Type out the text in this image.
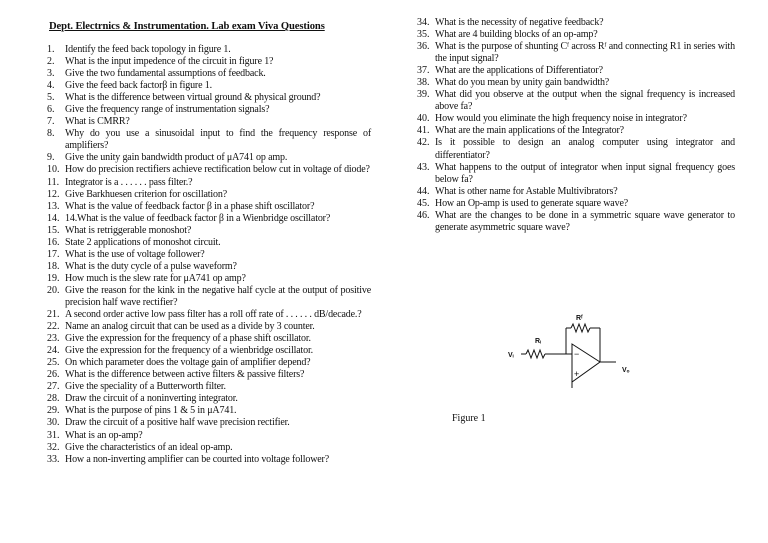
Dept. Electrnics & Instrumentation. Lab exam Viva Questions
1.	Identify the feed back topology in figure 1.
2.	What is the input impedence of the circuit in figure 1?
3.	Give the two fundamental assumptions of feedback.
4.	Give the feed back factorβ in figure 1.
5.	What is the difference between virtual ground & physical ground?
6.	Give the frequency range of instrumentation signals?
7.	What is CMRR?
8.	Why do you use a sinusoidal input to find the frequency response of amplifiers?
9.	Give the unity gain bandwidth product of μA741 op amp.
10. How do precision rectifiers achieve rectification below cut in voltage of diode?
11. Integrator is a . . . . . . pass filter.?
12. Give Barkhuesen criterion for oscillation?
13. What is the value of feedback factor β in a phase shift oscillator?
14. 14.What is the value of feedback factor β in a Wienbridge oscillator?
15. What is retriggerable monoshot?
16. State 2 applications of monoshot circuit.
17. What is the use of voltage follower?
18. What is the duty cycle of a pulse waveform?
19. How much is the slew rate for μA741 op amp?
20. Give the reason for the kink in the negative half cycle at the output of positive precision half wave rectifier?
21. A second order active low pass filter has a roll off rate of . . . . . . dB/decade.?
22. Name an analog circuit that can be used as a divide by 3 counter.
23. Give the expression for the frequency of a phase shift oscillator.
24. Give the expression for the frequency of a wienbridge oscillator.
25. On which parameter does the voltage gain of amplifier depend?
26. What is the difference between active filters & passive filters?
27. Give the speciality of a Butterworth filter.
28. Draw the circuit of a noninverting integrator.
29. What is the purpose of pins 1 & 5 in μA741.
30. Draw the circuit of a positive half wave precision rectifier.
31. What is an op-amp?
32. Give the characteristics of an ideal op-amp.
33. How a non-inverting amplifier can be courted into voltage follower?
34. What is the necessity of negative feedback?
35. What are 4 building blocks of an op-amp?
36. What is the purpose of shunting Cᶠ across Rᶠ and connecting R1 in series with the input signal?
37. What are the applications of Differentiator?
38. What do you mean by unity gain bandwidth?
39. What did you observe at the output when the signal frequency is increased above fa?
40. How would you eliminate the high frequency noise in integrator?
41. What are the main applications of the Integrator?
42. Is it possible to design an analog computer using integrator and differentiator?
43. What happens to the output of integrator when input signal frequency goes below fa?
44. What is other name for Astable Multivibrators?
45. How an Op-amp is used to generate square wave?
46. What are the changes to be done in a symmetric square wave generator to generate asymmetric square wave?
−
+
Rᶠ
Rᵢ
Vᵢ
Vₒ
Figure 1
